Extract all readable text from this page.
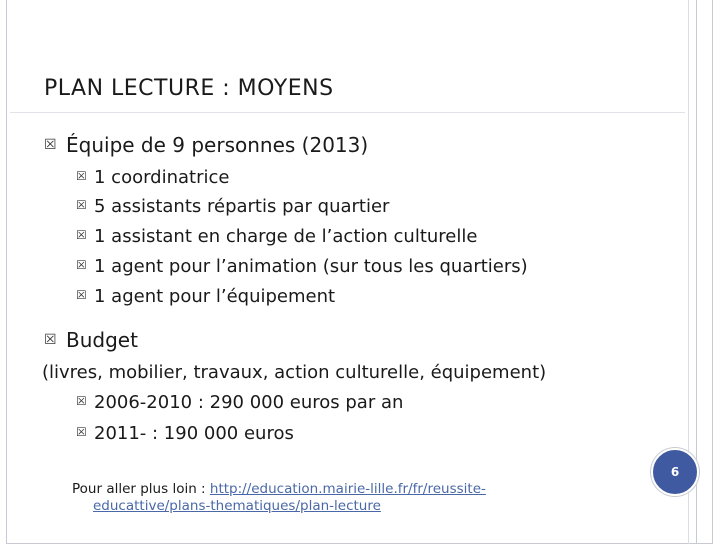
PLAN LECTURE : MOYENS
☒ Équipe de 9 personnes (2013)
☒ 1 coordinatrice
☒ 5 assistants répartis par quartier
☒ 1 assistant en charge de l’action culturelle
☒ 1 agent pour l’animation (sur tous les quartiers)
☒ 1 agent pour l’équipement
☒ Budget
(livres, mobilier, travaux, action culturelle, équipement)
☒ 2006-2010 : 290 000 euros par an
☒ 2011- : 190 000 euros
Pour aller plus loin : http://education.mairie-lille.fr/fr/reussite-
educattive/plans-thematiques/plan-lecture
6
